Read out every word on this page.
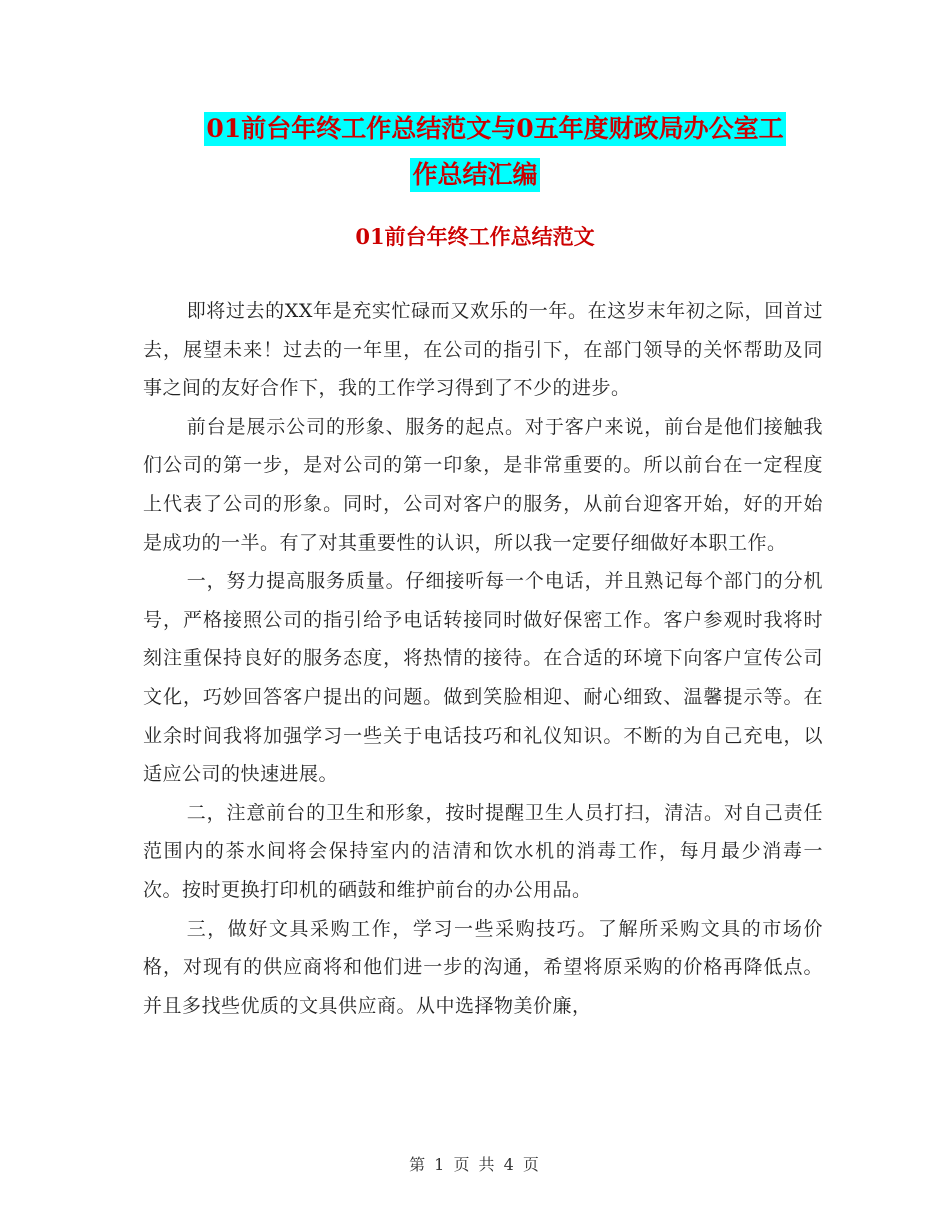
01前台年终工作总结范文与0五年度财政局办公室工
作总结汇编
01前台年终工作总结范文

即将过去的XX年是充实忙碌而又欢乐的一年。在这岁末年初之际，回首过去，展望未来！过去的一年里，在公司的指引下，在部门领导的关怀帮助及同事之间的友好合作下，我的工作学习得到了不少的进步。

前台是展示公司的形象、服务的起点。对于客户来说，前台是他们接触我们公司的第一步，是对公司的第一印象，是非常重要的。所以前台在一定程度上代表了公司的形象。同时，公司对客户的服务，从前台迎客开始，好的开始是成功的一半。有了对其重要性的认识，所以我一定要仔细做好本职工作。

一，努力提高服务质量。仔细接听每一个电话，并且熟记每个部门的分机号，严格接照公司的指引给予电话转接同时做好保密工作。客户参观时我将时刻注重保持良好的服务态度，将热情的接待。在合适的环境下向客户宣传公司文化，巧妙回答客户提出的问题。做到笑脸相迎、耐心细致、温馨提示等。在业余时间我将加强学习一些关于电话技巧和礼仪知识。不断的为自己充电，以适应公司的快速进展。

二，注意前台的卫生和形象，按时提醒卫生人员打扫，清洁。对自己责任范围内的茶水间将会保持室内的洁清和饮水机的消毒工作，每月最少消毒一次。按时更换打印机的硒鼓和维护前台的办公用品。

三，做好文具采购工作，学习一些采购技巧。了解所采购文具的市场价格，对现有的供应商将和他们进一步的沟通，希望将原采购的价格再降低点。并且多找些优质的文具供应商。从中选择物美价廉，

第 1 页 共 4 页
